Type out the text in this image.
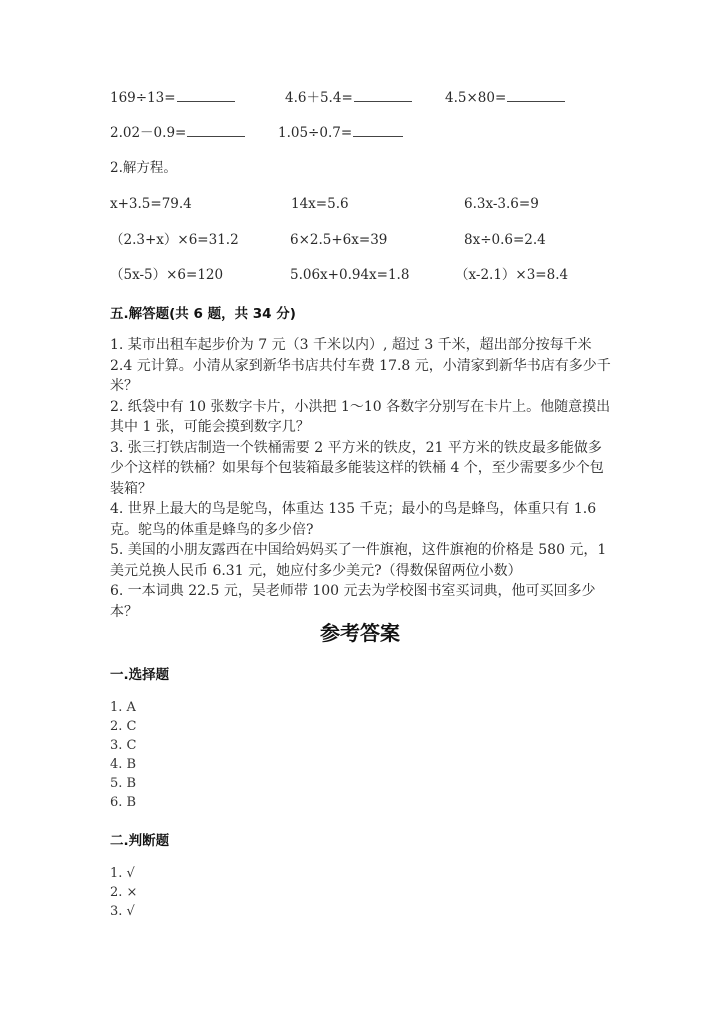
169÷13=	4.6＋5.4=	4.5×80=
2.02－0.9=	1.05÷0.7=
2.解方程。
x+3.5=79.4	14x=5.6	6.3x-3.6=9
（2.3+x）×6=31.2	6×2.5+6x=39	8x÷0.6=2.4
（5x-5）×6=120	5.06x+0.94x=1.8	（x-2.1）×3=8.4
五.解答题(共 6 题，共 34 分)

1. 某市出租车起步价为 7 元（3 千米以内）, 超过 3 千米，超出部分按每千米 2.4 元计算。小清从家到新华书店共付车费 17.8 元，小清家到新华书店有多少千米？

2. 纸袋中有 10 张数字卡片，小洪把 1～10 各数字分别写在卡片上。他随意摸出其中 1 张，可能会摸到数字几？

3. 张三打铁店制造一个铁桶需要 2 平方米的铁皮，21 平方米的铁皮最多能做多少个这样的铁桶？如果每个包装箱最多能装这样的铁桶 4 个，至少需要多少个包装箱？

4. 世界上最大的鸟是鸵鸟，体重达 135 千克；最小的鸟是蜂鸟，体重只有 1.6 克。鸵鸟的体重是蜂鸟的多少倍?

5. 美国的小朋友露西在中国给妈妈买了一件旗袍，这件旗袍的价格是 580 元，1 美元兑换人民币 6.31 元，她应付多少美元?（得数保留两位小数）

6. 一本词典 22.5 元，吴老师带 100 元去为学校图书室买词典，他可买回多少本？

参考答案
一.选择题
1. A
2. C
3. C
4. B
5. B
6. B
二.判断题
1. √
2. ×
3. √
